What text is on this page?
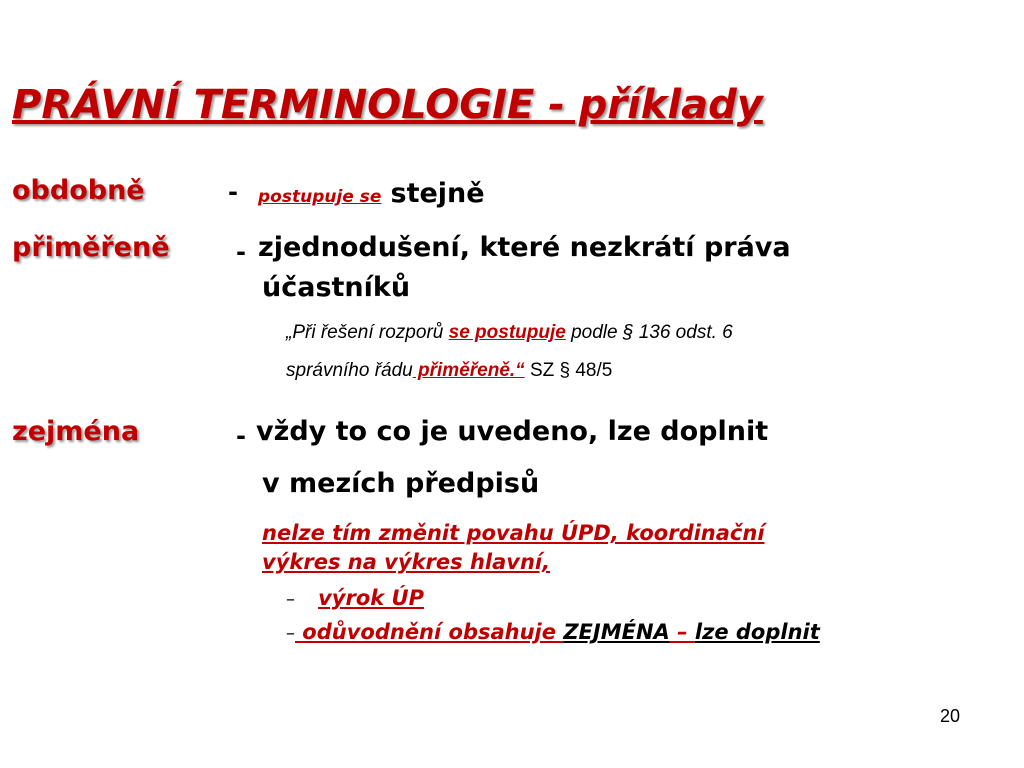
PRÁVNÍ TERMINOLOGIE - příklady
obdobně	- postupuje se stejně
přiměřeně	- zjednodušení, které nezkrátí práva
účastníků
„Při řešení rozporů se postupuje podle § 136 odst. 6
správního řádu přiměřeně.“ SZ § 48/5
zejména	- vždy to co je uvedeno, lze doplnit
v mezích předpisů
nelze tím změnit povahu ÚPD, koordinační
výkres na výkres hlavní,
– výrok ÚP
– odůvodnění obsahuje ZEJMÉNA – lze doplnit
20
